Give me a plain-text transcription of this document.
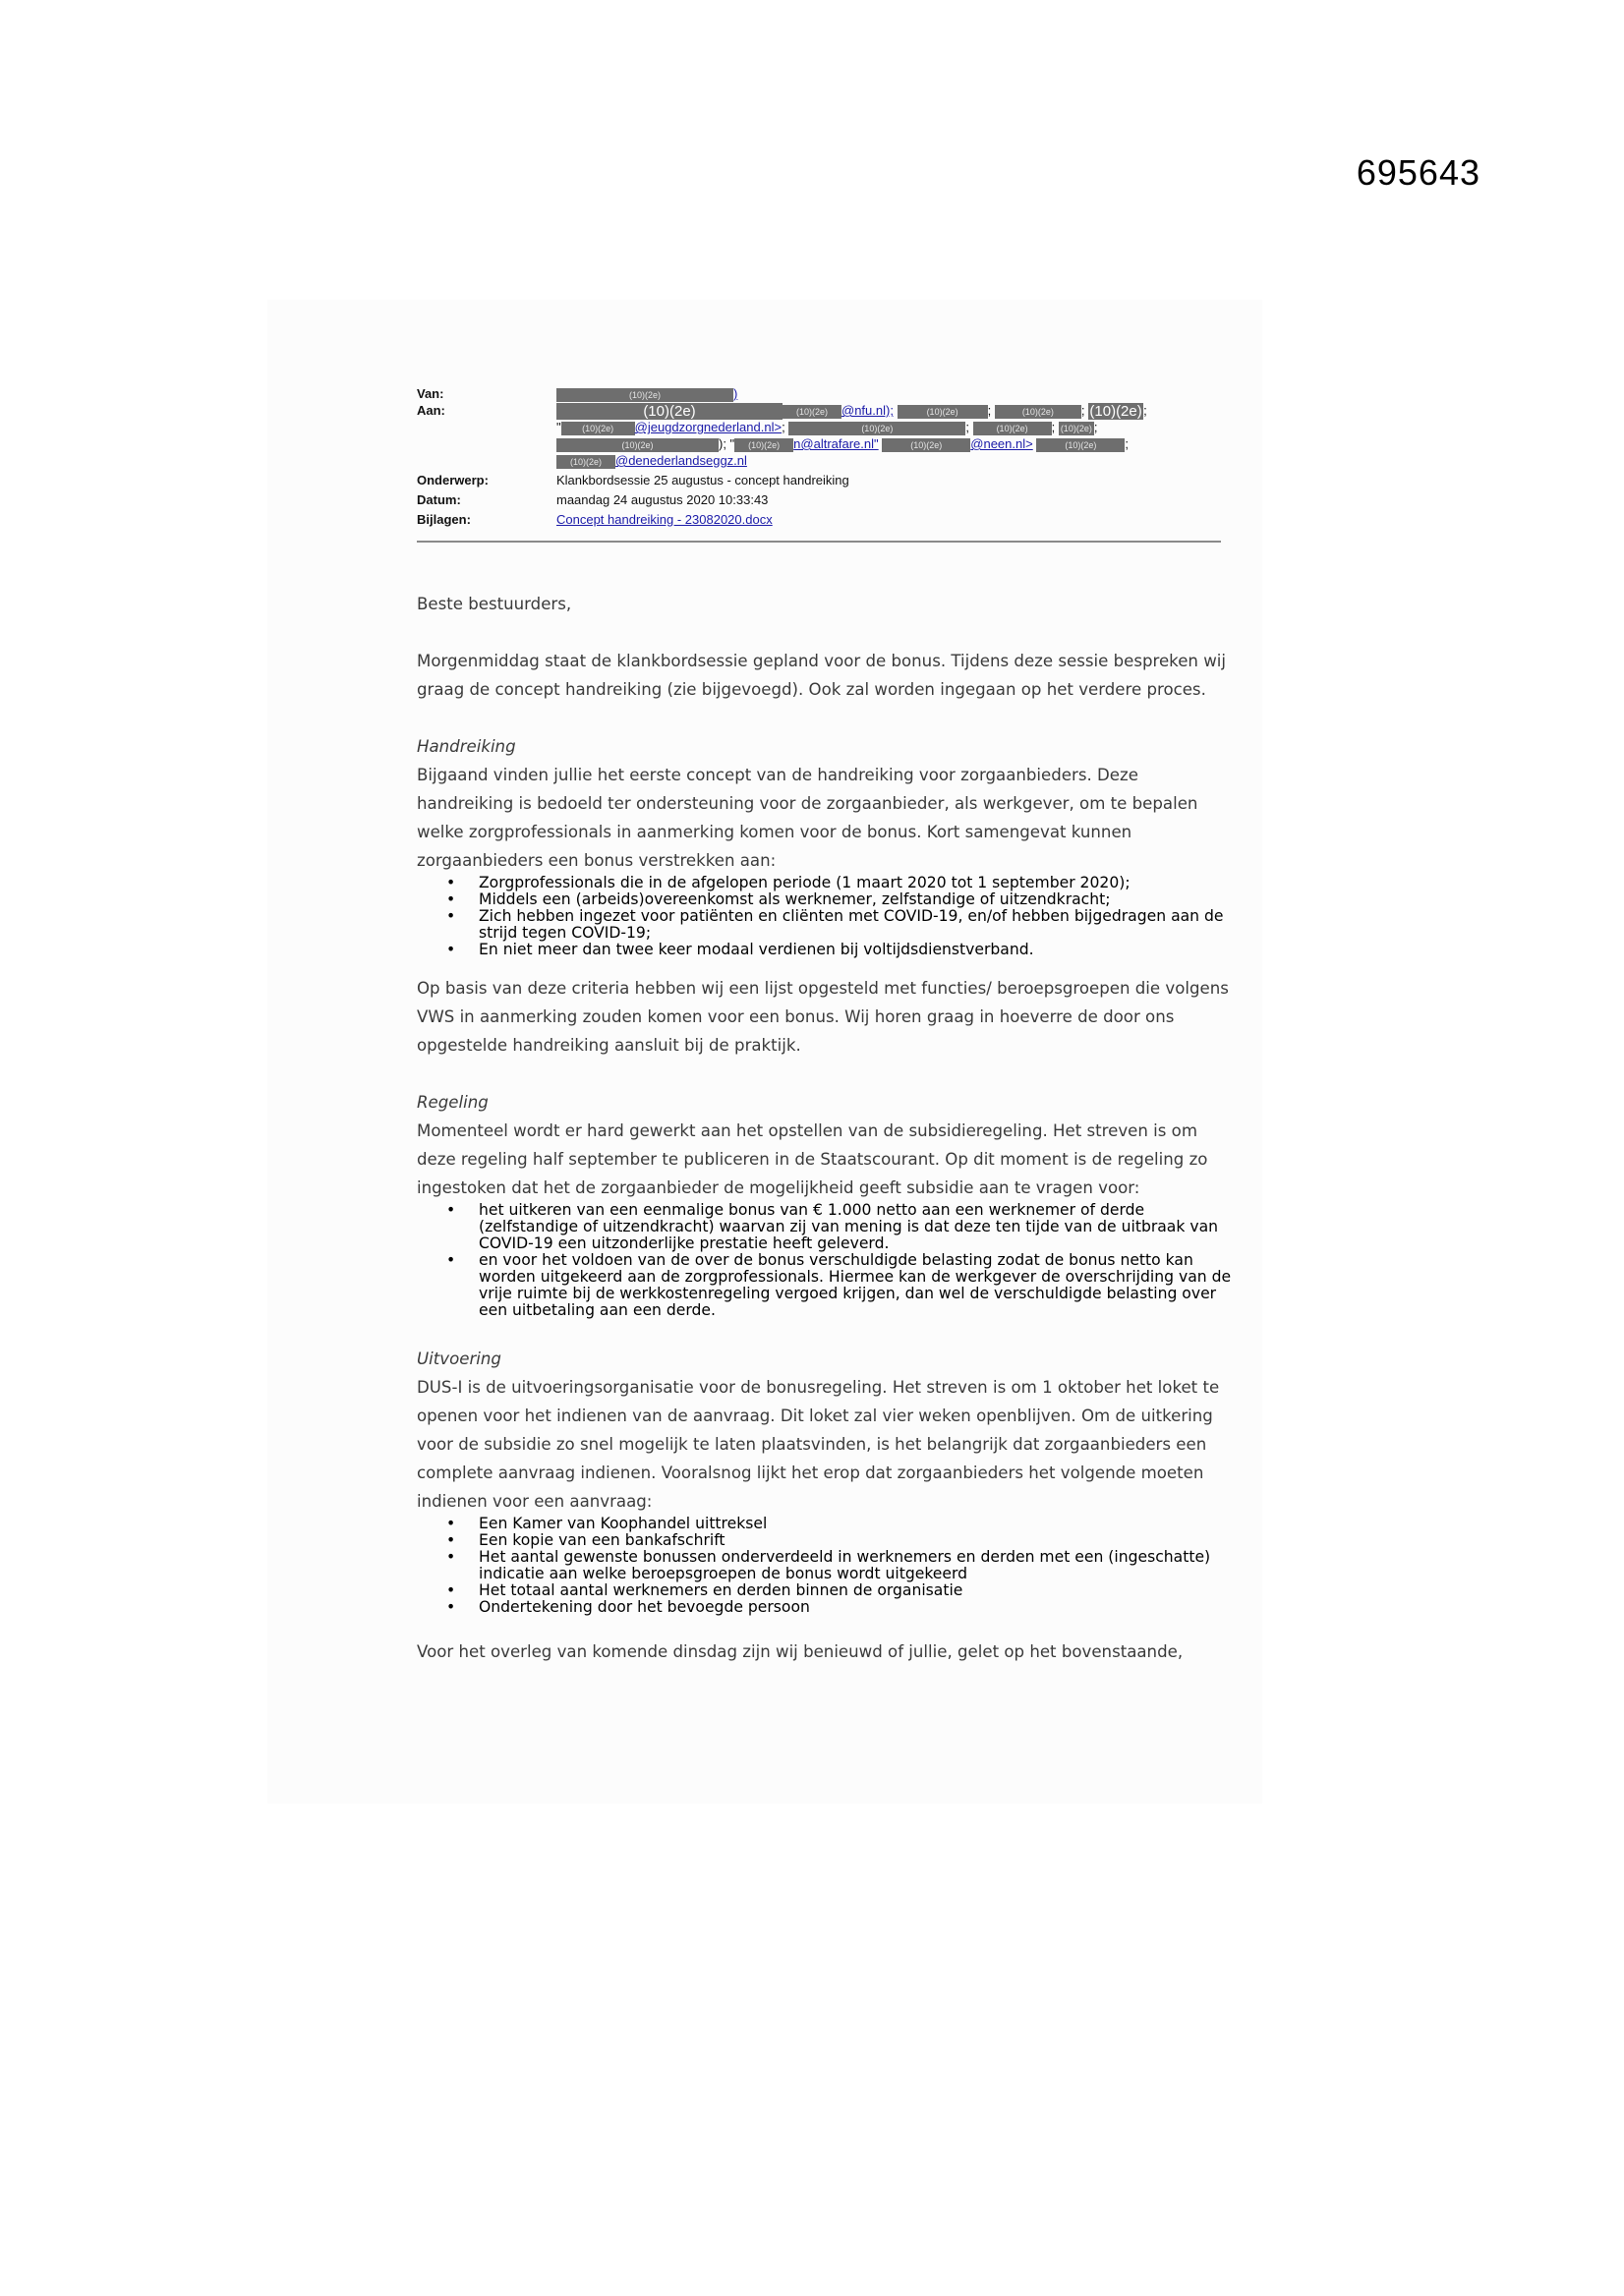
695643
Van:	(10)(2e)	)
Aan:	(10)(2e)	(10)(2e) @nfu.nl);	(10)(2e) ;	(10)(2e) ; (10)(2e);
" (10)(2e) @jeugdzorgnederland.nl>;	(10)(2e)	;	(10)(2e) ; (10)(2e) ;
(10)(2e)	); " (10)(2e) n@altrafare.nl"	(10)(2e) @neen.nl>	(10)(2e) ;
(10)(2e) @denederlandseggz.nl
Onderwerp:	Klankbordsessie 25 augustus - concept handreiking
Datum:	maandag 24 augustus 2020 10:33:43
Bijlagen:	Concept handreiking - 23082020.docx

Beste bestuurders,

Morgenmiddag staat de klankbordsessie gepland voor de bonus. Tijdens deze sessie bespreken wij graag de concept handreiking (zie bijgevoegd). Ook zal worden ingegaan op het verdere proces.

Handreiking

Bijgaand vinden jullie het eerste concept van de handreiking voor zorgaanbieders. Deze handreiking is bedoeld ter ondersteuning voor de zorgaanbieder, als werkgever, om te bepalen welke zorgprofessionals in aanmerking komen voor de bonus. Kort samengevat kunnen zorgaanbieders een bonus verstrekken aan:

• Zorgprofessionals die in de afgelopen periode (1 maart 2020 tot 1 september 2020);
• Middels een (arbeids)overeenkomst als werknemer, zelfstandige of uitzendkracht;
• Zich hebben ingezet voor patiënten en cliënten met COVID-19, en/of hebben bijgedragen aan de strijd tegen COVID-19;
• En niet meer dan twee keer modaal verdienen bij voltijdsdienstverband.

Op basis van deze criteria hebben wij een lijst opgesteld met functies/ beroepsgroepen die volgens VWS in aanmerking zouden komen voor een bonus. Wij horen graag in hoeverre de door ons opgestelde handreiking aansluit bij de praktijk.

Regeling

Momenteel wordt er hard gewerkt aan het opstellen van de subsidieregeling. Het streven is om deze regeling half september te publiceren in de Staatscourant. Op dit moment is de regeling zo ingestoken dat het de zorgaanbieder de mogelijkheid geeft subsidie aan te vragen voor:

• het uitkeren van een eenmalige bonus van € 1.000 netto aan een werknemer of derde (zelfstandige of uitzendkracht) waarvan zij van mening is dat deze ten tijde van de uitbraak van COVID-19 een uitzonderlijke prestatie heeft geleverd.
• en voor het voldoen van de over de bonus verschuldigde belasting zodat de bonus netto kan worden uitgekeerd aan de zorgprofessionals. Hiermee kan de werkgever de overschrijding van de vrije ruimte bij de werkkostenregeling vergoed krijgen, dan wel de verschuldigde belasting over een uitbetaling aan een derde.

Uitvoering

DUS-I is de uitvoeringsorganisatie voor de bonusregeling. Het streven is om 1 oktober het loket te openen voor het indienen van de aanvraag. Dit loket zal vier weken openblijven. Om de uitkering voor de subsidie zo snel mogelijk te laten plaatsvinden, is het belangrijk dat zorgaanbieders een complete aanvraag indienen. Vooralsnog lijkt het erop dat zorgaanbieders het volgende moeten indienen voor een aanvraag:

• Een Kamer van Koophandel uittreksel
• Een kopie van een bankafschrift
• Het aantal gewenste bonussen onderverdeeld in werknemers en derden met een (ingeschatte) indicatie aan welke beroepsgroepen de bonus wordt uitgekeerd
• Het totaal aantal werknemers en derden binnen de organisatie
• Ondertekening door het bevoegde persoon

Voor het overleg van komende dinsdag zijn wij benieuwd of jullie, gelet op het bovenstaande,
